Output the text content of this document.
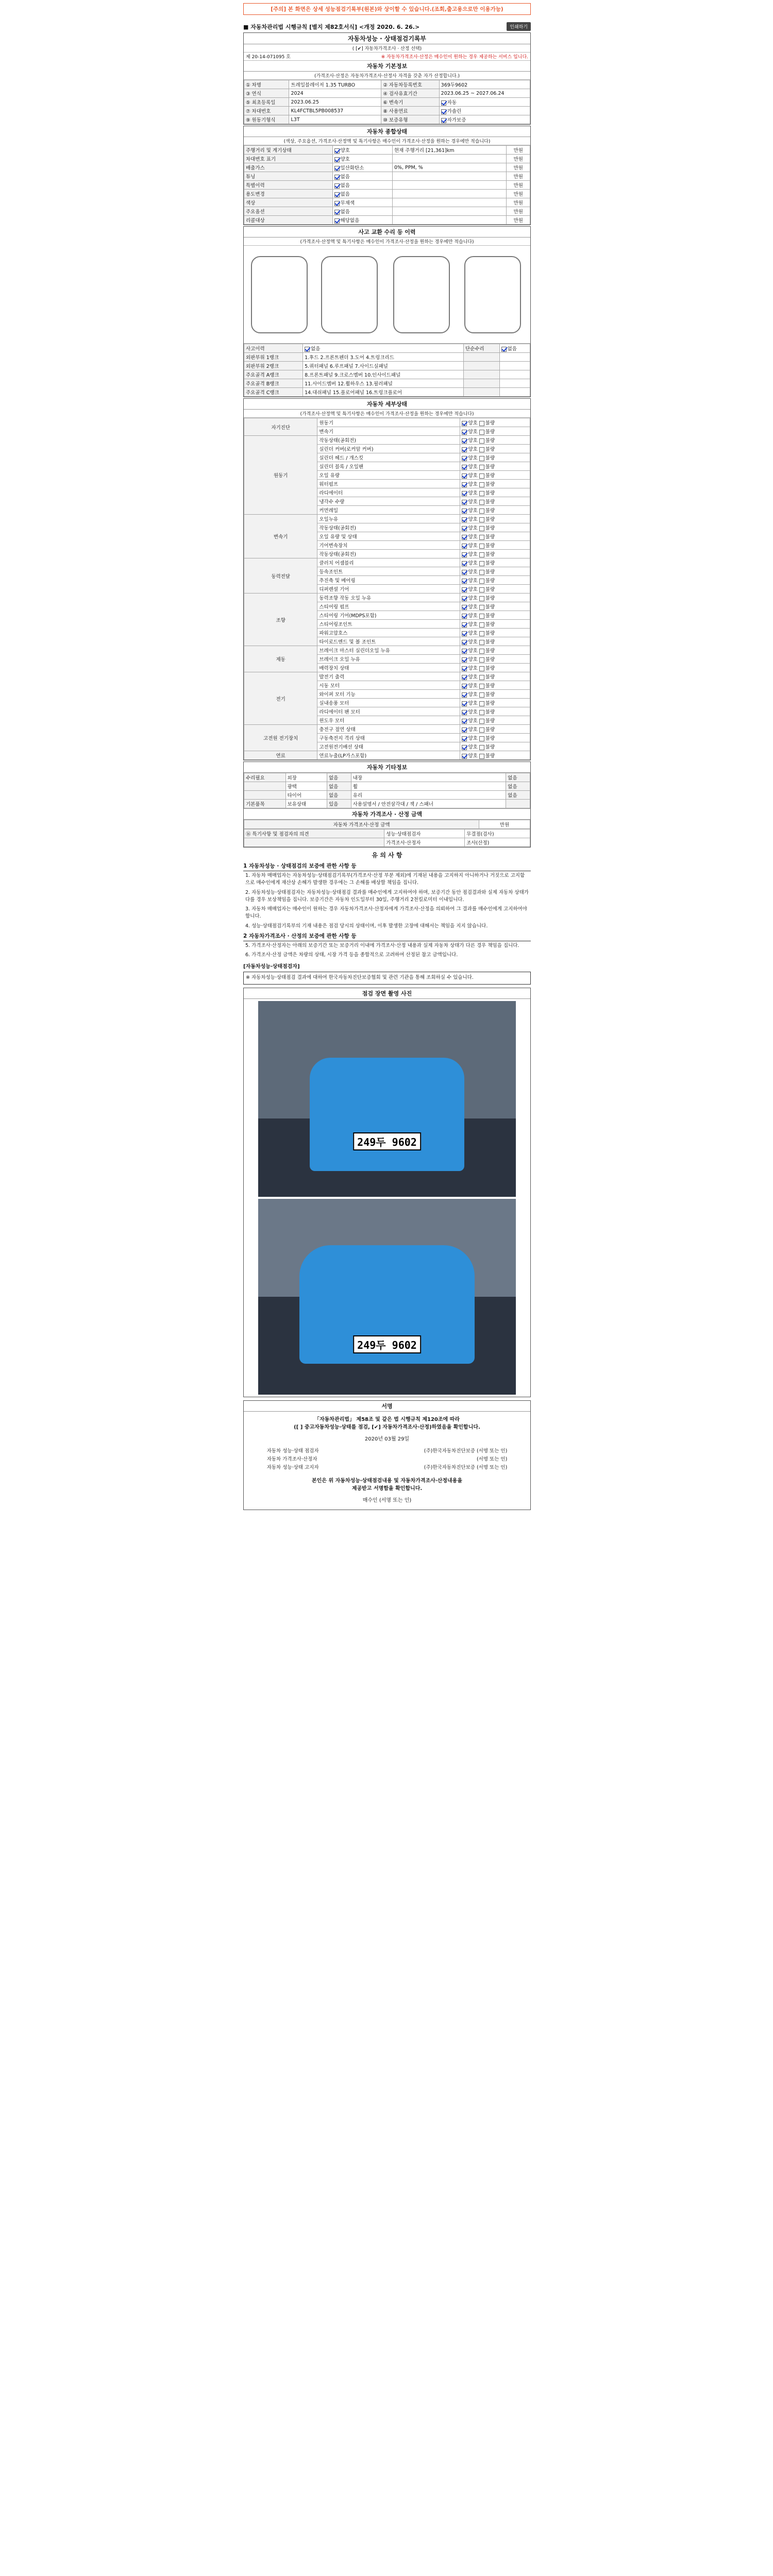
[주의] 본 화면은 상세 성능점검기록부(원본)와 상이할 수 있습니다.(조회,출고용으로만 이용가능)
■ 자동차관리법 시행규칙 [별지 제82호서식] <개정 2020. 6. 26.>	인쇄하기
자동차성능 · 상태점검기록부
( [✔] 자동차가격조사 · 산정 선택)
제 20-14-071095 호	※ 자동차가격조사·산정은 매수인이 원하는 경우 제공하는 서비스 입니다.
자동차 기본정보
(가격조사·산정은 자동차가격조사·산정사 자격을 갖춘 자가 산정합니다.)
① 차명	트레일블레이저 1.35 TURBO	② 자동차등록번호	369두9602
③ 연식	2024	④ 검사유효기간	2023.06.25 ~ 2027.06.24
⑤ 최초등록일	2023.06.25	⑥ 변속기	자동
⑦ 차대번호	KL4FCTBL5PB008537	⑧ 사용연료	가솔린
⑨ 원동기형식	L3T	⑩ 보증유형	자가보증
자동차 종합상태
(색상, 주요옵션, 가격조사·산정액 및 특기사항은 매수인이 가격조사·산정을 원하는 경우에만 적습니다)
주행거리 및 계기상태	양호	현재 주행거리 [21,361]km	만원
차대번호 표기	양호		만원
배출가스	일산화탄소	0%, PPM, %	만원
튜닝	없음		만원
특별이력	없음		만원
용도변경	없음		만원
색상	무채색		만원
주요옵션	없음		만원
리콜대상	해당없음		만원
사고 교환 수리 등 이력
(가격조사·산정액 및 특기사항은 매수인이 가격조사·산정을 원하는 경우에만 적습니다)
사고이력	없음	단순수리	없음
외판부위 1랭크	1.후드 2.프론트펜더 3.도어 4.트렁크리드		
외판부위 2랭크	5.쿼터패널 6.루프패널 7.사이드실패널		
주요골격 A랭크	8.프론트패널 9.크로스멤버 10.인사이드패널		
주요골격 B랭크	11.사이드멤버 12.휠하우스 13.필러패널		
주요골격 C랭크	14.대쉬패널 15.플로어패널 16.트렁크플로어		
자동차 세부상태
(가격조사·산정액 및 특기사항은 매수인이 가격조사·산정을 원하는 경우에만 적습니다)
자기진단	원동기	양호 불량
	변속기	양호 불량
원동기	작동상태(공회전)	양호 불량
	실린더 커버(로커암 커버)	양호 불량
	실린더 헤드 / 개스킷	양호 불량
	실린더 블록 / 오일팬	양호 불량
	오일 유량	양호 불량
	워터펌프	양호 불량
	라디에이터	양호 불량
	냉각수 수량	양호 불량
	커먼레일	양호 불량
변속기	오일누유	양호 불량
	작동상태(공회전)	양호 불량
	오일 유량 및 상태	양호 불량
	기어변속장치	양호 불량
	작동상태(공회전)	양호 불량
동력전달	클러치 어셈블리	양호 불량
	등속조인트	양호 불량
	추진축 및 베어링	양호 불량
	디퍼렌셜 기어	양호 불량
조향	동력조향 작동 오일 누유	양호 불량
	스티어링 펌프	양호 불량
	스티어링 기어(MDPS포함)	양호 불량
	스티어링조인트	양호 불량
	파워고압호스	양호 불량
	타이로드엔드 및 볼 조인트	양호 불량
제동	브레이크 마스터 실린더오일 누유	양호 불량
	브레이크 오일 누유	양호 불량
	배력장치 상태	양호 불량
전기	발전기 출력	양호 불량
	시동 모터	양호 불량
	와이퍼 모터 기능	양호 불량
	실내송풍 모터	양호 불량
	라디에이터 팬 모터	양호 불량
	윈도우 모터	양호 불량
고전원 전기장치	충전구 절연 상태	양호 불량
	구동축전지 격리 상태	양호 불량
	고전원전기배선 상태	양호 불량
연료	연료누출(LP가스포함)	양호 불량
자동차 기타정보
수리필요	외장	없음	내장	없음
	광택	없음	휠	없음
	타이어	없음	유리	없음
기본품목	보유상태	있음	사용설명서 / 안전삼각대 / 잭 / 스패너	
자동차 가격조사 · 산정 금액
자동차 가격조사·산정 금액	만원
⑯ 특기사항 및 점검자의 의견	성능·상태점검자	무결점(검사)
	가격조사·산정자	조사(산정)
유 의 사 항
1 자동차성능 · 상태점검의 보증에 관한 사항 등
1. 자동차 매매업자는 자동차성능·상태점검기록부(가격조사·산정 부분 제외)에 기재된 내용을 고지하지 아니하거나 거짓으로 고지함으로 매수인에게 재산상 손해가 발생한 경우에는 그 손해를 배상할 책임을 집니다.
2. 자동차성능·상태점검자는 자동차성능·상태점검 결과를 매수인에게 고지하여야 하며, 보증기간 동안 점검결과와 실제 자동차 상태가 다를 경우 보상책임을 집니다. 보증기간은 자동차 인도일부터 30일, 주행거리 2천킬로미터 이내입니다.
3. 자동차 매매업자는 매수인이 원하는 경우 자동차가격조사·산정자에게 가격조사·산정을 의뢰하여 그 결과를 매수인에게 고지하여야 합니다.
4. 성능·상태점검기록부의 기재 내용은 점검 당시의 상태이며, 이후 발생한 고장에 대해서는 책임을 지지 않습니다.
2 자동차가격조사 · 산정의 보증에 관한 사항 등
5. 가격조사·산정자는 아래의 보증기간 또는 보증거리 이내에 가격조사·산정 내용과 실제 자동차 상태가 다른 경우 책임을 집니다.
6. 가격조사·산정 금액은 차량의 상태, 시장 가격 등을 종합적으로 고려하여 산정된 참고 금액입니다.
[자동차성능·상태점검자]
※ 자동차성능·상태점검 결과에 대하여 한국자동차진단보증협회 및 관련 기관을 통해 조회하실 수 있습니다.
점검 장면 촬영 사진
249두 9602
249두 9602
서명
「자동차관리법」 제58조 및 같은 법 시행규칙 제120조에 따라
([ ] 중고자동차성능·상태를 점검, [✔] 자동차가격조사·산정)하였음을 확인합니다.
2020년 03월 29일
자동차 성능·상태 점검자	(주)한국자동차진단보증 (서명 또는 인)
자동차 가격조사·산정자	(서명 또는 인)
자동차 성능·상태 고지자	(주)한국자동차진단보증 (서명 또는 인)
본인은 위 자동차성능·상태점검내용 및 자동차가격조사·산정내용을
제공받고 서명함을 확인합니다.
매수인 (서명 또는 인)
